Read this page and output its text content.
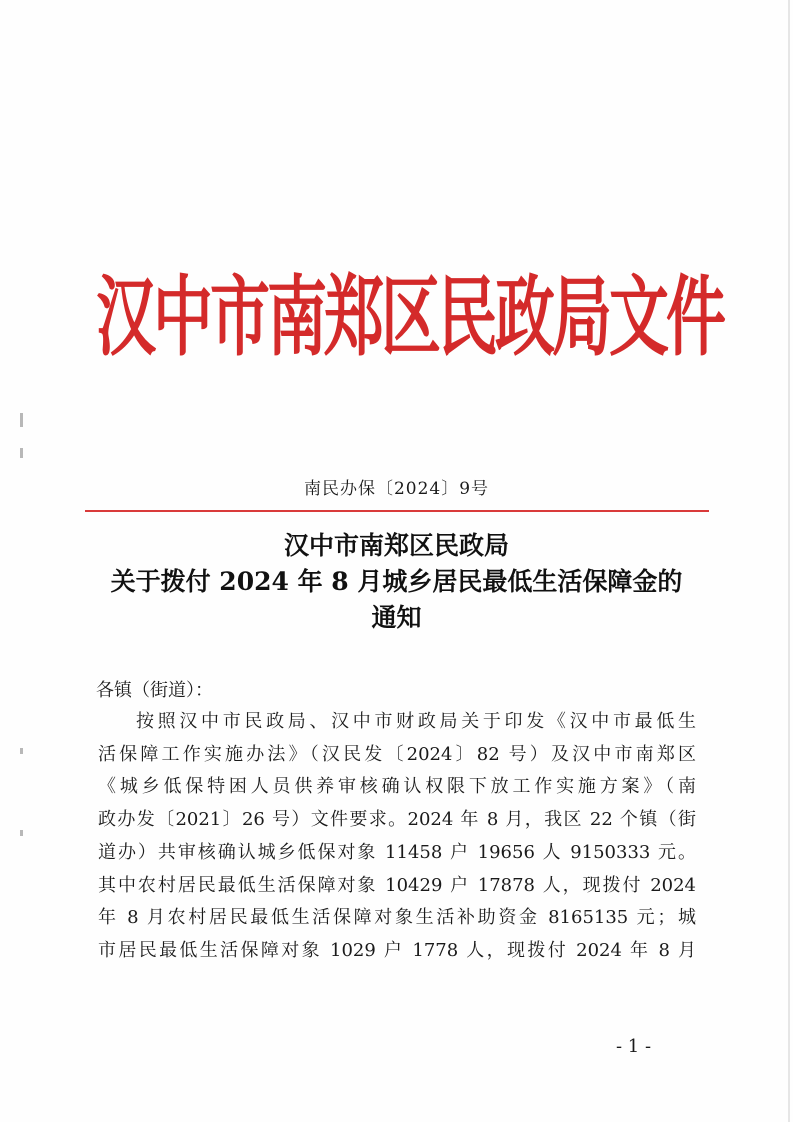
汉中市南郑区民政局文件
南民办保〔2024〕9号
汉中市南郑区民政局
关于拨付 2024 年 8 月城乡居民最低生活保障金的
通知
各镇（街道）：
按照汉中市民政局、汉中市财政局关于印发《汉中市最低生
活保障工作实施办法》（汉民发〔2024〕82 号）及汉中市南郑区
《城乡低保特困人员供养审核确认权限下放工作实施方案》（南
政办发〔2021〕26 号）文件要求。2024 年 8 月，我区 22 个镇（街
道办）共审核确认城乡低保对象 11458 户 19656 人 9150333 元。
其中农村居民最低生活保障对象 10429 户 17878 人，现拨付 2024
年 8 月农村居民最低生活保障对象生活补助资金 8165135 元；城
市居民最低生活保障对象 1029 户 1778 人，现拨付 2024 年 8 月
- 1 -
